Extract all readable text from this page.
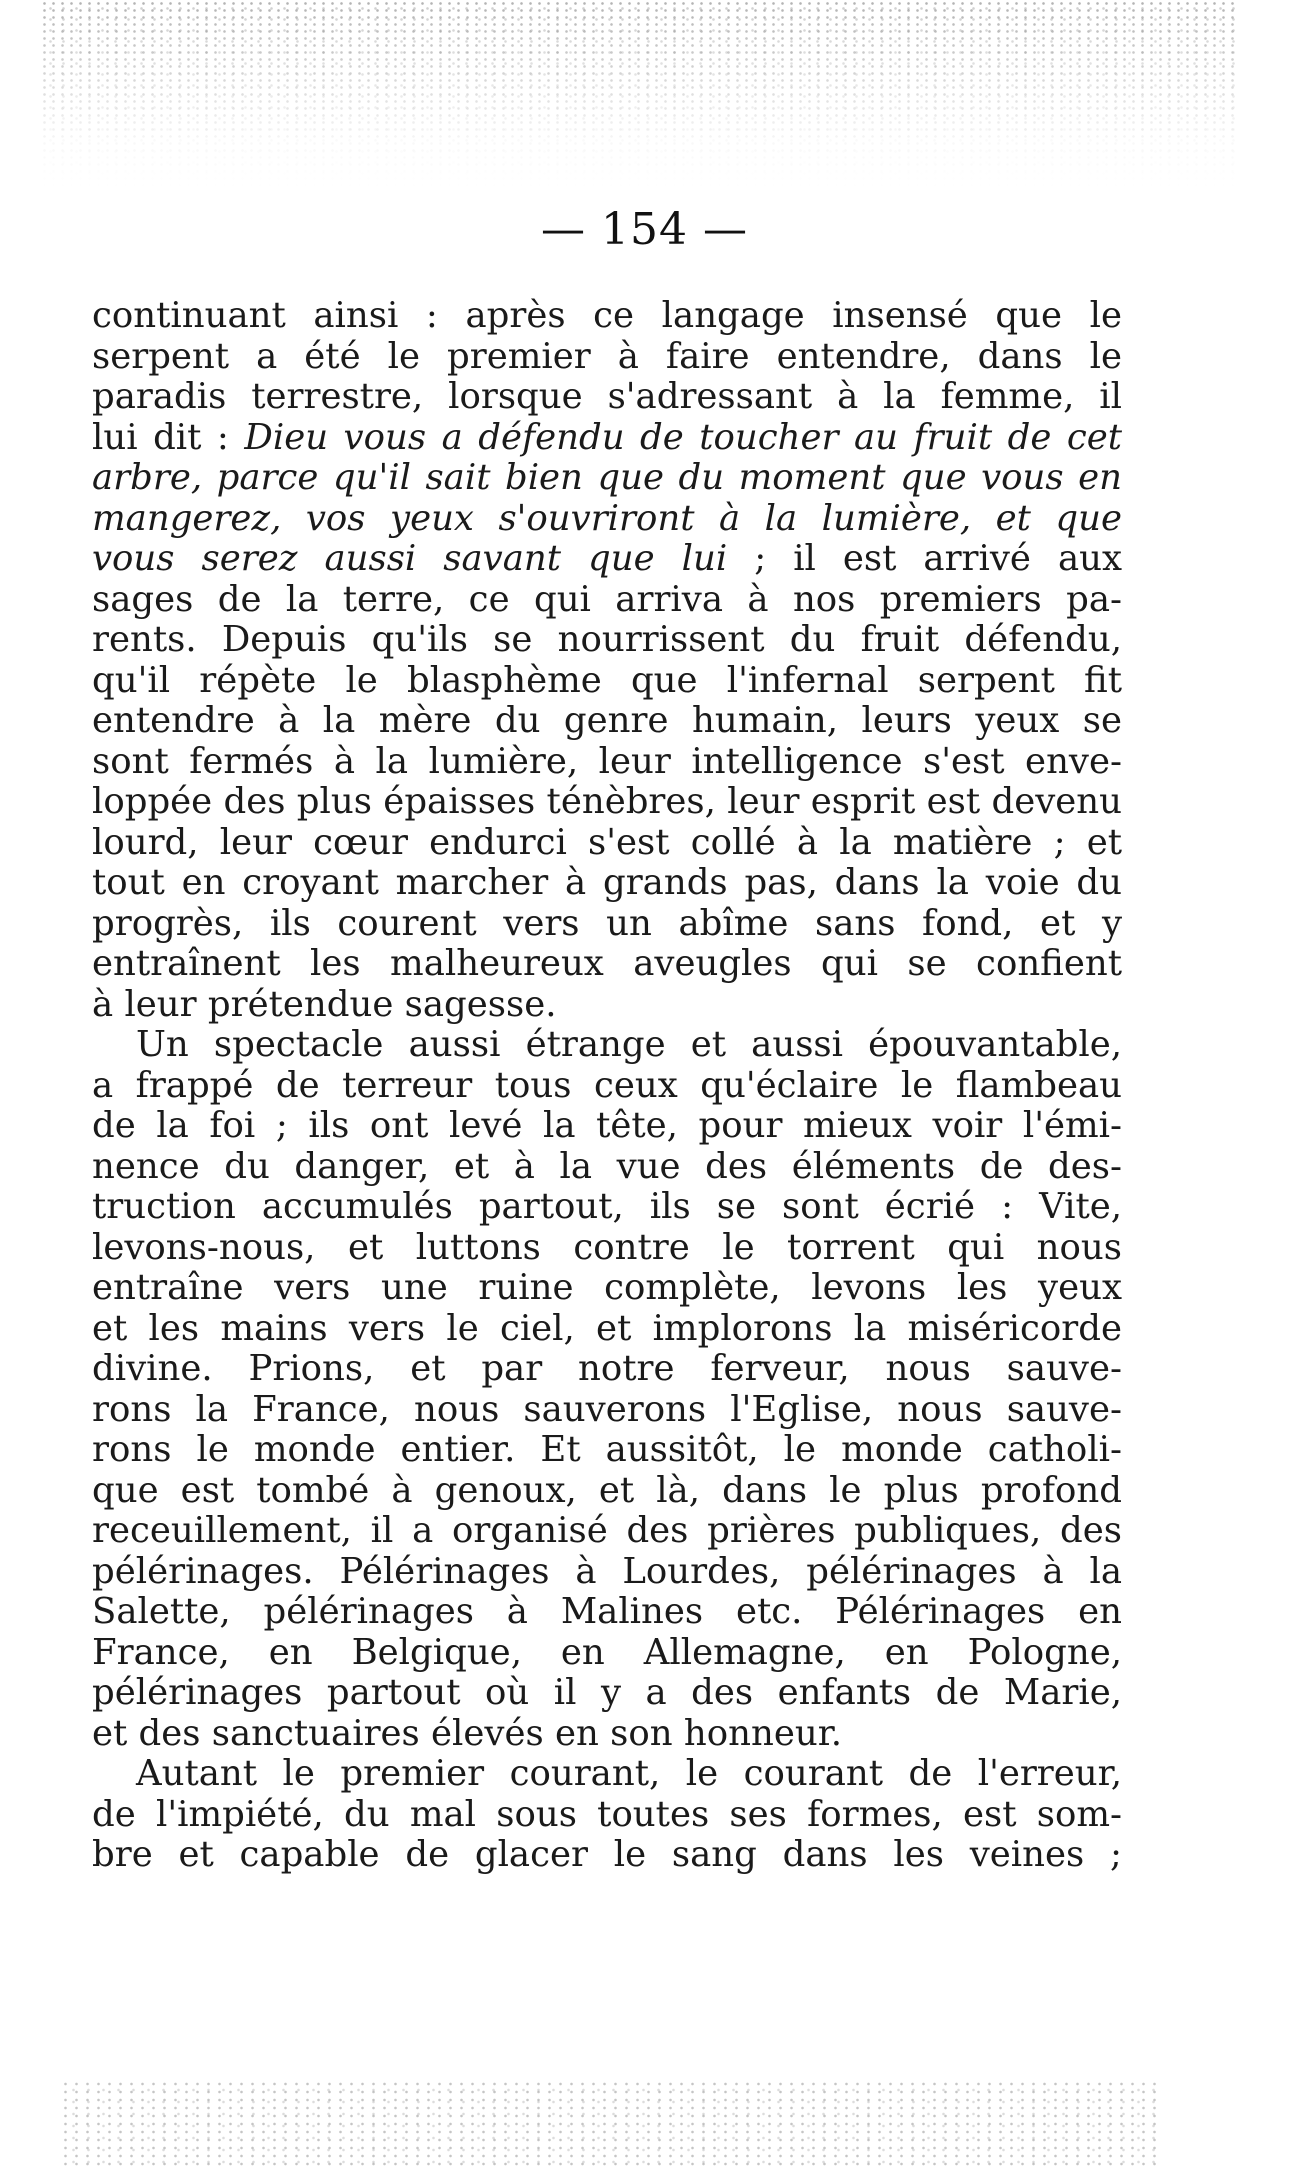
— 154 —
continuant ainsi : après ce langage insensé que le
serpent a été le premier à faire entendre, dans le
paradis terrestre, lorsque s'adressant à la femme, il
lui dit : Dieu vous a défendu de toucher au fruit de cet
arbre, parce qu'il sait bien que du moment que vous en
mangerez, vos yeux s'ouvriront à la lumière, et que
vous serez aussi savant que lui ; il est arrivé aux
sages de la terre, ce qui arriva à nos premiers pa-
rents. Depuis qu'ils se nourrissent du fruit défendu,
qu'il répète le blasphème que l'infernal serpent fit
entendre à la mère du genre humain, leurs yeux se
sont fermés à la lumière, leur intelligence s'est enve-
loppée des plus épaisses ténèbres, leur esprit est devenu
lourd, leur cœur endurci s'est collé à la matière ; et
tout en croyant marcher à grands pas, dans la voie du
progrès, ils courent vers un abîme sans fond, et y
entraînent les malheureux aveugles qui se confient
à leur prétendue sagesse.
Un spectacle aussi étrange et aussi épouvantable,
a frappé de terreur tous ceux qu'éclaire le flambeau
de la foi ; ils ont levé la tête, pour mieux voir l'émi-
nence du danger, et à la vue des éléments de des-
truction accumulés partout, ils se sont écrié : Vite,
levons-nous, et luttons contre le torrent qui nous
entraîne vers une ruine complète, levons les yeux
et les mains vers le ciel, et implorons la miséricorde
divine. Prions, et par notre ferveur, nous sauve-
rons la France, nous sauverons l'Eglise, nous sauve-
rons le monde entier. Et aussitôt, le monde catholi-
que est tombé à genoux, et là, dans le plus profond
receuillement, il a organisé des prières publiques, des
pélérinages. Pélérinages à Lourdes, pélérinages à la
Salette, pélérinages à Malines etc. Pélérinages en
France, en Belgique, en Allemagne, en Pologne,
pélérinages partout où il y a des enfants de Marie,
et des sanctuaires élevés en son honneur.
Autant le premier courant, le courant de l'erreur,
de l'impiété, du mal sous toutes ses formes, est som-
bre et capable de glacer le sang dans les veines ;
